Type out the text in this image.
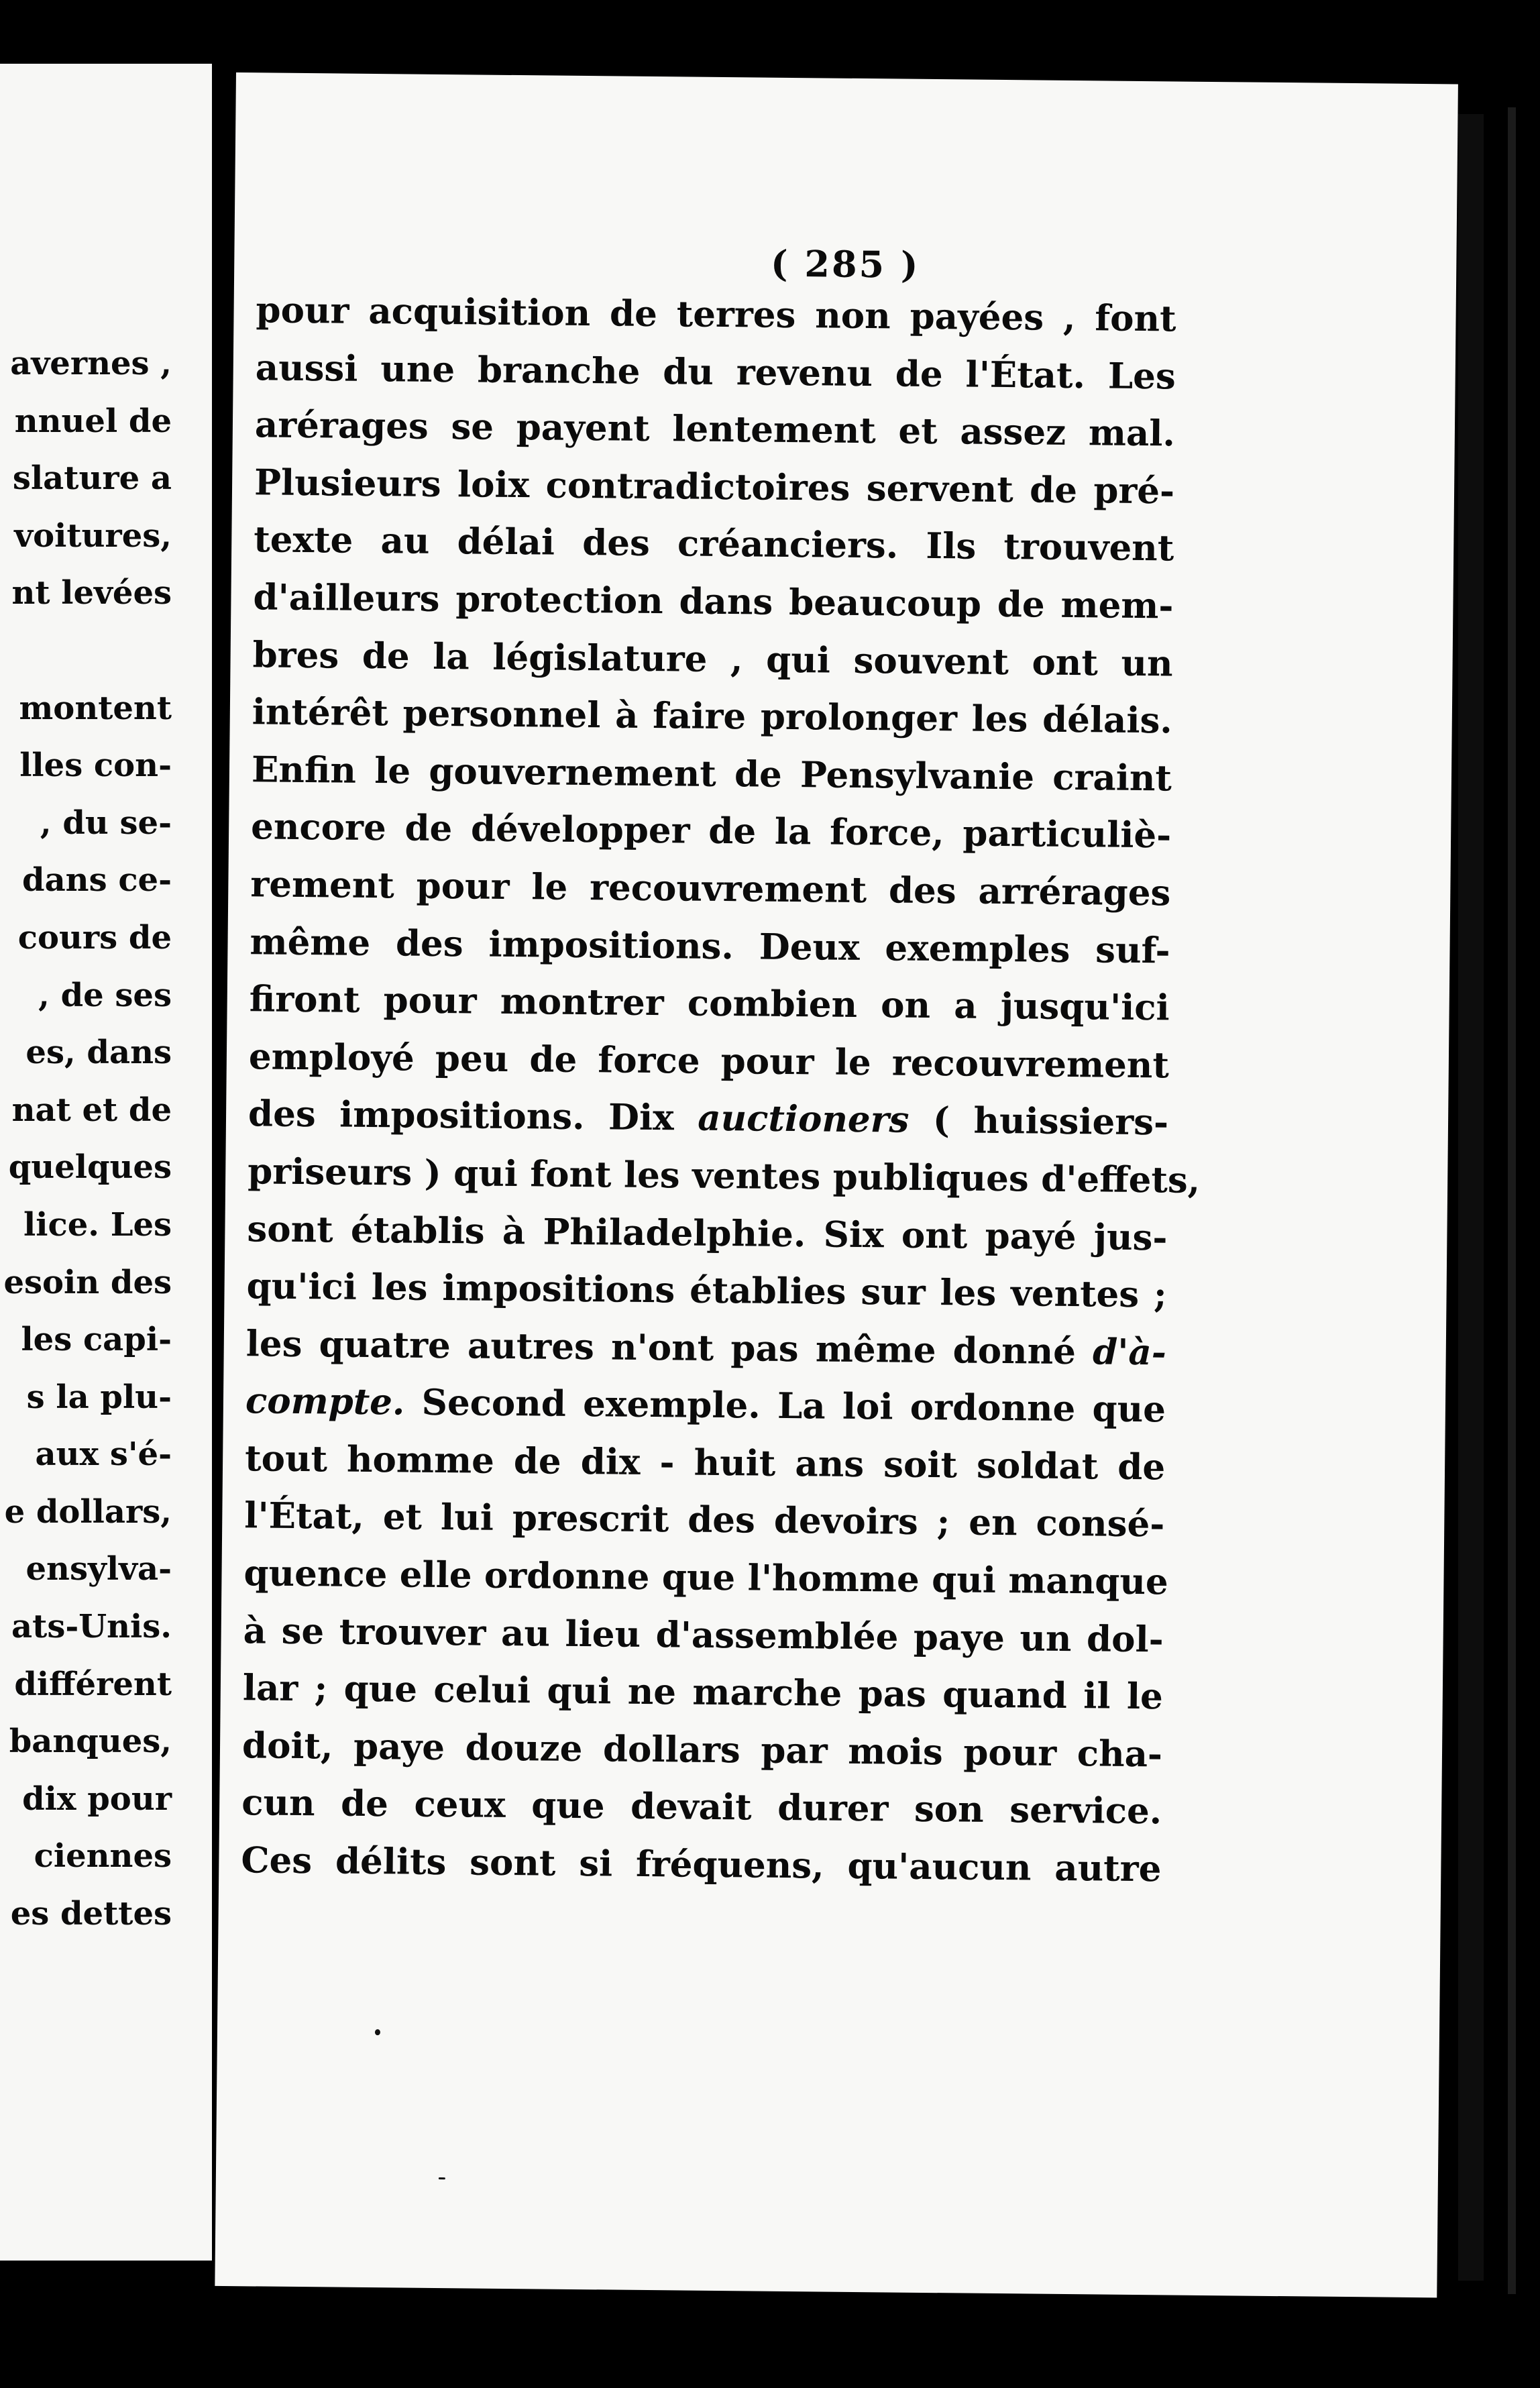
avernes ,
nnuel de
slature a
voitures,
nt levées
montent
lles con-
, du se-
dans ce-
cours de
, de ses
es, dans
nat et de
quelques
lice. Les
esoin des
les capi-
s la plu-
aux s'é-
e dollars,
ensylva-
ats-Unis.
différent
banques,
dix pour
ciennes
es dettes
( 285 )
pour acquisition de terres non payées , font
aussi une branche du revenu de l'État. Les
arérages se payent lentement et assez mal.
Plusieurs loix contradictoires servent de pré-
texte au délai des créanciers. Ils trouvent
d'ailleurs protection dans beaucoup de mem-
bres de la législature , qui souvent ont un
intérêt personnel à faire prolonger les délais.
Enfin le gouvernement de Pensylvanie craint
encore de développer de la force, particuliè-
rement pour le recouvrement des arrérages
même des impositions. Deux exemples suf-
firont pour montrer combien on a jusqu'ici
employé peu de force pour le recouvrement
des impositions. Dix auctioners ( huissiers-
priseurs ) qui font les ventes publiques d'effets,
sont établis à Philadelphie. Six ont payé jus-
qu'ici les impositions établies sur les ventes ;
les quatre autres n'ont pas même donné d'à-
compte. Second exemple. La loi ordonne que
tout homme de dix - huit ans soit soldat de
l'État, et lui prescrit des devoirs ; en consé-
quence elle ordonne que l'homme qui manque
à se trouver au lieu d'assemblée paye un dol-
lar ; que celui qui ne marche pas quand il le
doit, paye douze dollars par mois pour cha-
cun de ceux que devait durer son service.
Ces délits sont si fréquens, qu'aucun autre
